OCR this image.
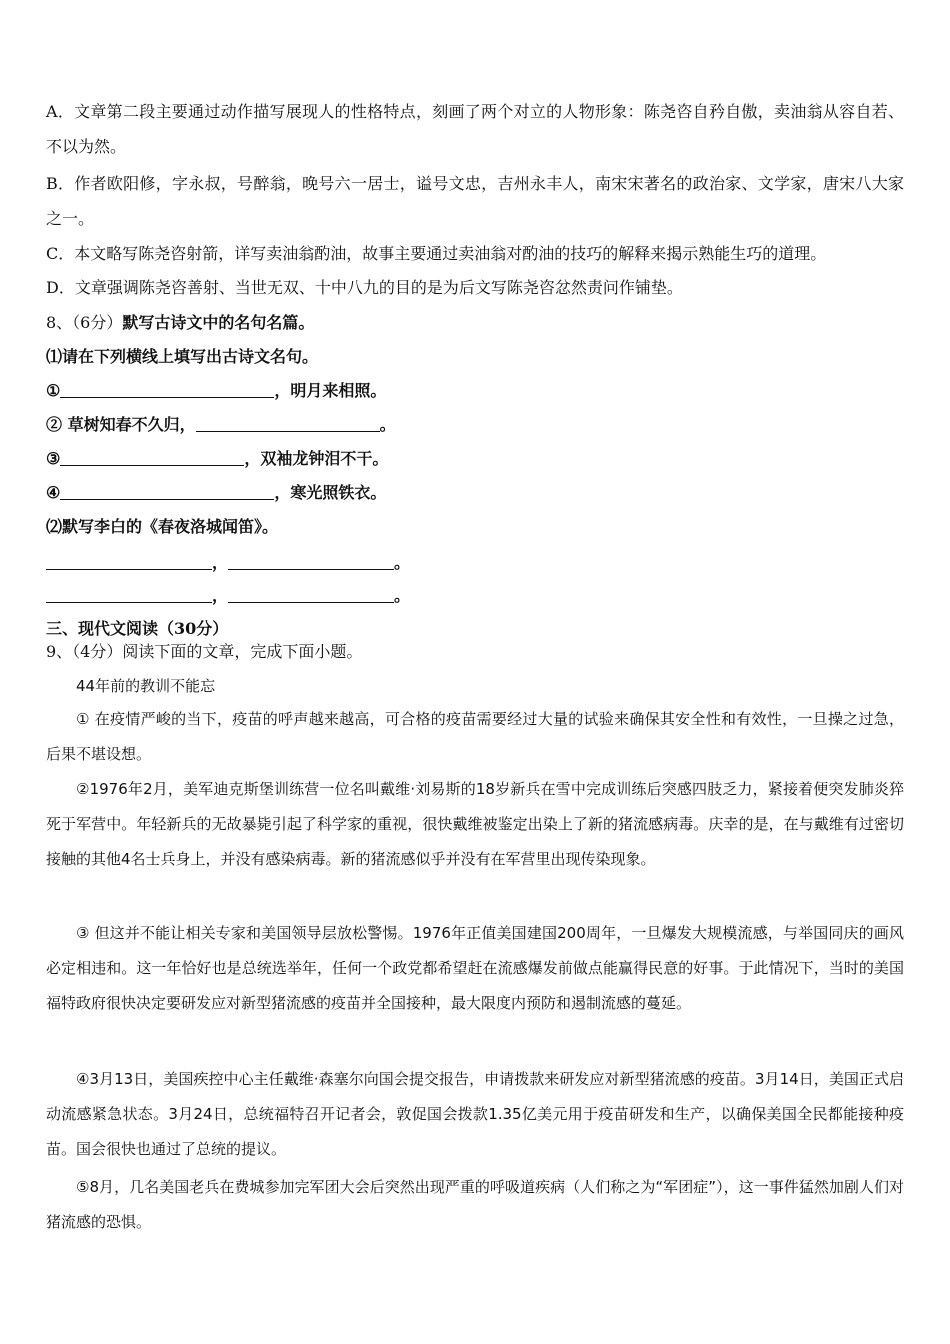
A．文章第二段主要通过动作描写展现人的性格特点，刻画了两个对立的人物形象：陈尧咨自矜自傲，卖油翁从容自若、不以为然。
B．作者欧阳修，字永叔，号醉翁，晚号六一居士，谥号文忠，吉州永丰人，南宋宋著名的政治家、文学家，唐宋八大家之一。
C．本文略写陈尧咨射箭，详写卖油翁酌油，故事主要通过卖油翁对酌油的技巧的解释来揭示熟能生巧的道理。
D．文章强调陈尧咨善射、当世无双、十中八九的目的是为后文写陈尧咨忿然责问作铺垫。
8、（6分）默写古诗文中的名句名篇。
⑴请在下列横线上填写出古诗文名句。
①	，明月来相照。
② 草树知春不久归，	。
③	，双袖龙钟泪不干。
④	，寒光照铁衣。
⑵默写李白的《春夜洛城闻笛》。
，	。
，	。
三、现代文阅读（30分）
9、（4分）阅读下面的文章，完成下面小题。
44年前的教训不能忘
① 在疫情严峻的当下，疫苗的呼声越来越高，可合格的疫苗需要经过大量的试验来确保其安全性和有效性，一旦操之过急，后果不堪设想。
②1976年2月，美军迪克斯堡训练营一位名叫戴维·刘易斯的18岁新兵在雪中完成训练后突感四肢乏力，紧接着便突发肺炎猝死于军营中。年轻新兵的无故暴毙引起了科学家的重视，很快戴维被鉴定出染上了新的猪流感病毒。庆幸的是，在与戴维有过密切接触的其他4名士兵身上，并没有感染病毒。新的猪流感似乎并没有在军营里出现传染现象。
③ 但这并不能让相关专家和美国领导层放松警惕。1976年正值美国建国200周年，一旦爆发大规模流感，与举国同庆的画风必定相违和。这一年恰好也是总统选举年，任何一个政党都希望赶在流感爆发前做点能赢得民意的好事。于此情况下，当时的美国福特政府很快决定要研发应对新型猪流感的疫苗并全国接种，最大限度内预防和遏制流感的蔓延。
④3月13日，美国疾控中心主任戴维·森塞尔向国会提交报告，申请拨款来研发应对新型猪流感的疫苗。3月14日，美国正式启动流感紧急状态。3月24日，总统福特召开记者会，敦促国会拨款1.35亿美元用于疫苗研发和生产，以确保美国全民都能接种疫苗。国会很快也通过了总统的提议。
⑤8月，几名美国老兵在费城参加完军团大会后突然出现严重的呼吸道疾病（人们称之为“军团症”），这一事件猛然加剧人们对猪流感的恐惧。
